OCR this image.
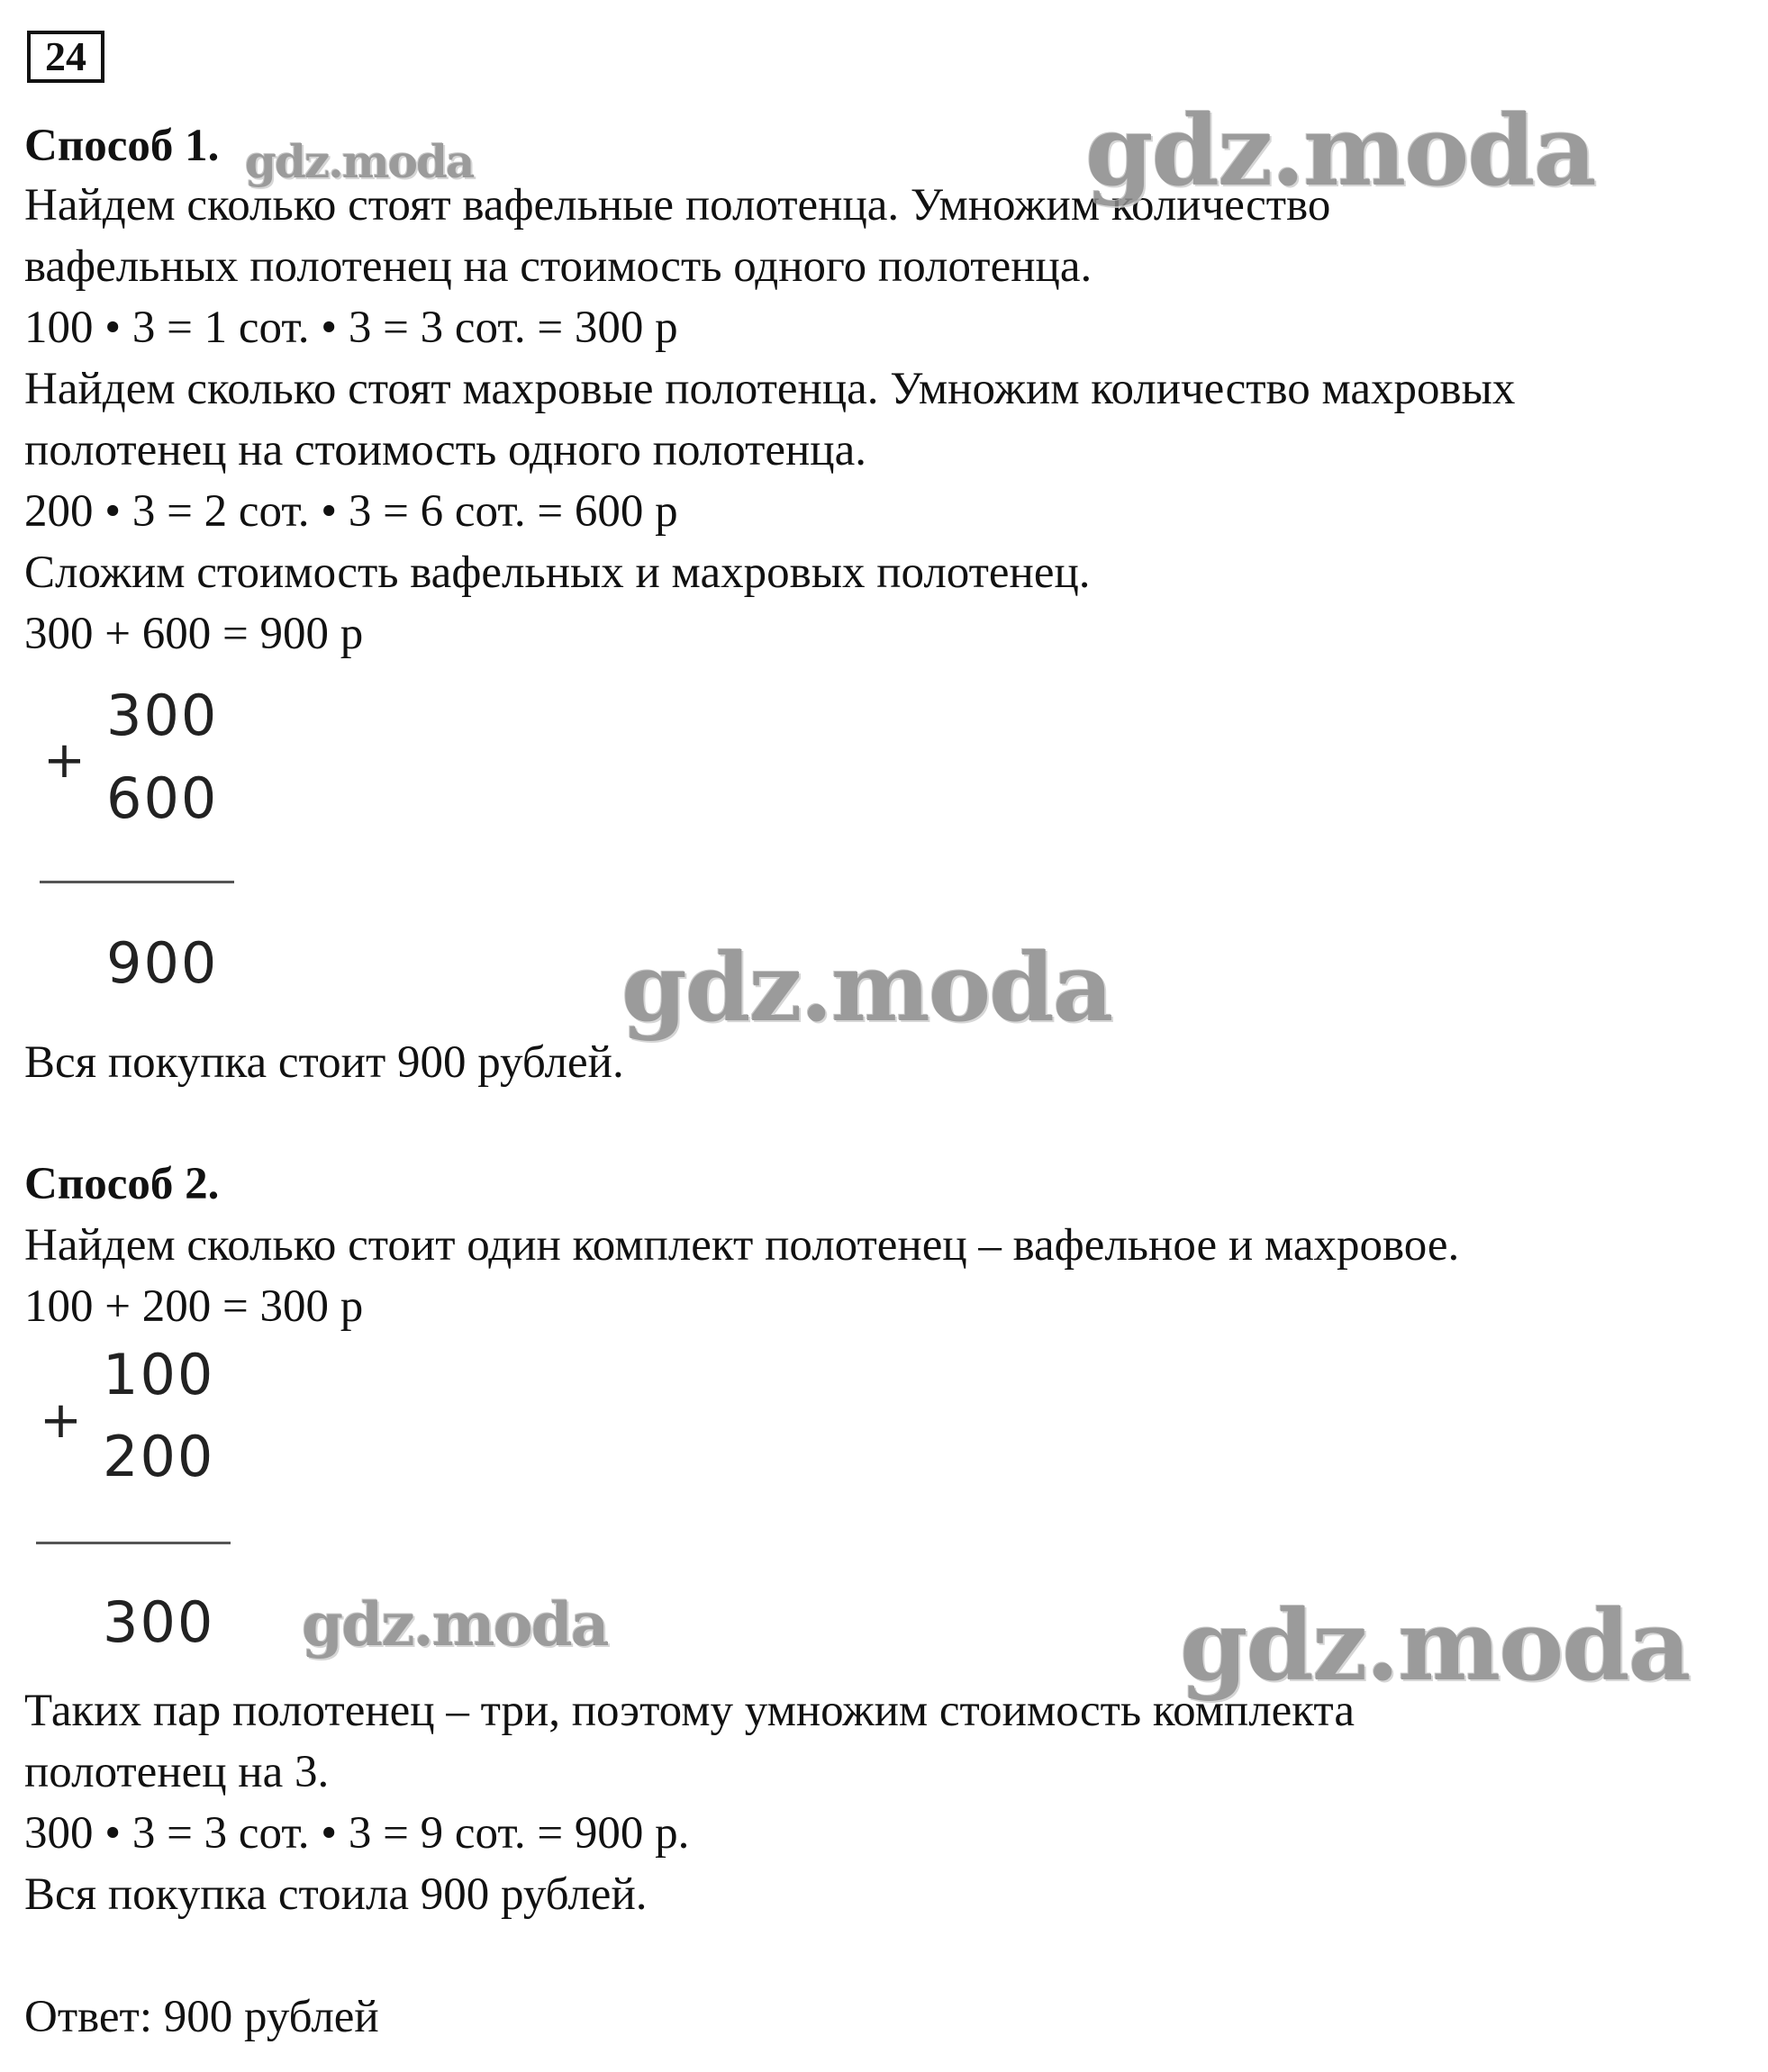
24
Способ 1.
Найдем сколько стоят вафельные полотенца. Умножим количество
вафельных полотенец на стоимость одного полотенца.
100 • 3 = 1 сот. • 3 = 3 сот. = 300 р
Найдем сколько стоят махровые полотенца. Умножим количество махровых
полотенец на стоимость одного полотенца.
200 • 3 = 2 сот. • 3 = 6 сот. = 600 р
Сложим стоимость вафельных и махровых полотенец.
300 + 600 = 900 р
+
300
600
900
Вся покупка стоит 900 рублей.
Способ 2.
Найдем сколько стоит один комплект полотенец – вафельное и махровое.
100 + 200 = 300 р
+
100
200
300
Таких пар полотенец – три, поэтому умножим стоимость комплекта
полотенец на 3.
300 • 3 = 3 сот. • 3 = 9 сот. = 900 р.
Вся покупка стоила 900 рублей.
Ответ: 900 рублей
gdz.moda
gdz.moda
gdz.moda
gdz.moda	gdz.moda
